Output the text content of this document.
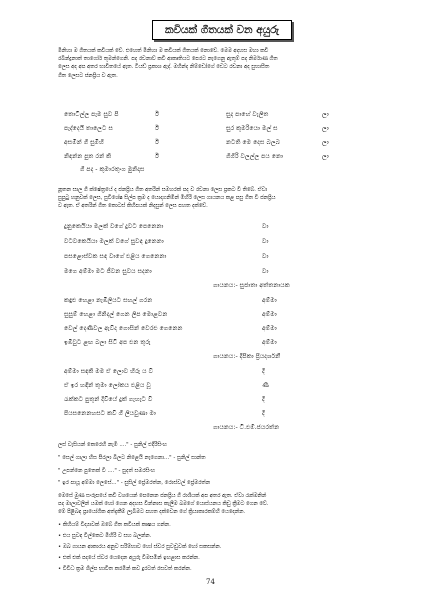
කවියක් ගීතයක් වන අයුරු
මිනිහා ම ගීතයක් කවියක් වේ. එහෙත් මිනිහා ම කවියක් ගීතයක් නොවේ. මෙම අදහස මහා කවි
රබීන්ද්‍රනාත් තාගෝර් තුමන්ගෙනි. පද රචනාව් කවි ආකෘතියට පෙරට නැගෙනු ඇතුම් පද නිර්මාණ ගීත
ලෙස අද අප අතර භාවිතයේ ඇත. ටියඩ් ප්‍රකාශ ඇද්. මහින්ද නිම්ඩෝගේ ඩෙට රචනා අද සුභාසීත
ගීත ලෙසට ජනප්‍රිය ව ඇත.
තොටිල්ල පැම සුව පි
පැද්දෙයි තාලෙට ස
අසමින් ගී සුමිහි
නිඳන්න පුත රන් කි
ඊ
ඊ
ඊ
ඊ
සුද පාහේ වැලිත
සුර කුමරියො මල් ස
නටති මෙ දෙස බලබ
ගිගිරි වලල්ල පය නො
ලා
ලා
ලා
ලා
ගී පද - කුමාරතුංග මුනිදාස
නූතන සාල ගී ක්ෂේත්‍රයේ ද ජනප්‍රිය ගීත අතරින් සමහරක් පද ව රචනා ලෙස ප්‍රකට වී තිබේ. ඒවා
සුපුටු හනුවක් ලෙස, සුවිශේෂ සිල්ප ක්‍රම ද යොදාගනිමින් මිහිරි ලෙස ගායනය කළ පසු ගීත වී ජනප්‍රිය
ව ඇත. ඒ අතරින් ගීත කොටස් කිහිපයක් නිදසුන් ලෙස පහත දක්වේ.
දුනුකෙයියා මලක් වගේ දුවට පෙනෙනා
වටවකෙයියා මලක් වගේ සුවඳ දුනෙනා
පසළොස්වක සඳ වාගේ එළිය ගෙනෙනා
මගෙ අම්මා මට ජීවන සුවය සදනා
වා
වා
වා
වා
ගායනය:- සුජාතා අත්තනායක
කඳුළු හෙළා නැඹිලියට සහල් ගරන
සුසුම් හෙළා ගිනිදල් ගෙන ලිප මොළවන
වෙල් දෙණිවල ඇවිද ගොසින් වෙරළු ගෙනෙන
ඉඹීවුට ළඟ බලා සිටි අප එන තුරු
අම්මා
අම්මා
අම්මා
අම්මා
ගායනය:- දීපිකා ප්‍රියදර්ශනී
අම්මා සඳකි මම ඒ ලොව හිරු ය වී
ඒ ඉර හඳින් තුමා ලෝකය එළිය වූ
රැක්කට පුතුන් දිවියේ දුක් ගැහැට වී
පියසනෙනහසට කවි ගී ලියවුණා මා
දී
ණී
දී
දී
ගායනය:- ටී.එම්.ජයරත්න
ලස් වැසියන් කෙරෙහි නැමී ...." - සුනිල් එදිරිසිංහ
" සෙල් ගාලා හිස පීරලා බිලට නිළෙයි නැගෙනා..." - සුනිල් සාන්ත
" උපන්නෙ පුතෙක් වී ...." - සුදත් සමරසිංහ
" ඉර පායූ අම්මා ලෙසේ..." - සුසිල් ප්‍රේමරත්න, රොස්වල් ප්‍රේමරත්න
මෙසේ මුණ සංරූපයේ කවි වශයෙන් පෙනෙන ජනප්‍රිය ගී රාශියක් අප අතර ඇත. ඒවා රැක්මනින්
පද මාලාවලින් යමක් හෝ ගෙන අදහස වින්නාස කැලීම බමගේ යොස්යනය කිඩු ක්‍රීමට ගෙන වේ.
මේ පිළිබඳ ප්‍රායෝගික අත්දැකීම් ලැබීමට පහත දක්වෙන ගේ ක්‍රියාකාරකම්හි යෙදෙන්න.
• කිහියම් විද්‍යාවක් ඔබේ ගීත කවියක් කෘෂය ගන්න.
• එය සුවඳ විල්කෙට මිහිරි ව සහ බලන්න.
• ඔබ ගායන ආකාරය අනුව සරිම්භාව හෝ ස්වර සුවඬුවක් හෝ සකසන්න.
• එක් එක් පදයේ ස්වර යෙදෙන අයුරු විමසමින් ඉහළාස කරන්න.
• විවිධ ක්‍රම ශිල්ප භාවිත කරමින් කව දුරටත් රසවත් කරන්න.
74
